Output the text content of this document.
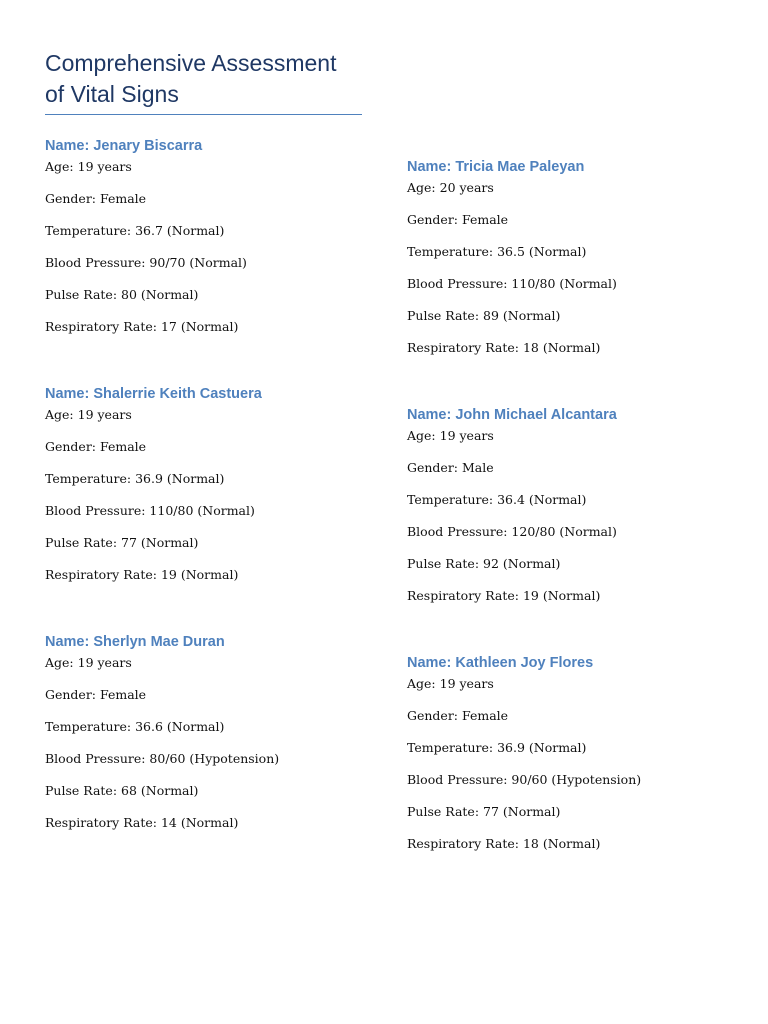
Comprehensive Assessment
of Vital Signs

Name: Jenary Biscarra

Age: 19 years

Gender: Female

Temperature: 36.7 (Normal)

Blood Pressure: 90/70 (Normal)

Pulse Rate: 80 (Normal)

Respiratory Rate: 17 (Normal)

Name: Shalerrie Keith Castuera

Age: 19 years

Gender: Female

Temperature: 36.9 (Normal)

Blood Pressure: 110/80 (Normal)

Pulse Rate: 77 (Normal)

Respiratory Rate: 19 (Normal)

Name: Sherlyn Mae Duran

Age: 19 years

Gender: Female

Temperature: 36.6 (Normal)

Blood Pressure: 80/60 (Hypotension)

Pulse Rate: 68 (Normal)

Respiratory Rate: 14 (Normal)

Name: Tricia Mae Paleyan

Age: 20 years

Gender: Female

Temperature: 36.5 (Normal)

Blood Pressure: 110/80 (Normal)

Pulse Rate: 89 (Normal)

Respiratory Rate: 18 (Normal)

Name: John Michael Alcantara

Age: 19 years

Gender: Male

Temperature: 36.4 (Normal)

Blood Pressure: 120/80 (Normal)

Pulse Rate: 92 (Normal)

Respiratory Rate: 19 (Normal)

Name: Kathleen Joy Flores

Age: 19 years

Gender: Female

Temperature: 36.9 (Normal)

Blood Pressure: 90/60 (Hypotension)

Pulse Rate: 77 (Normal)

Respiratory Rate: 18 (Normal)
